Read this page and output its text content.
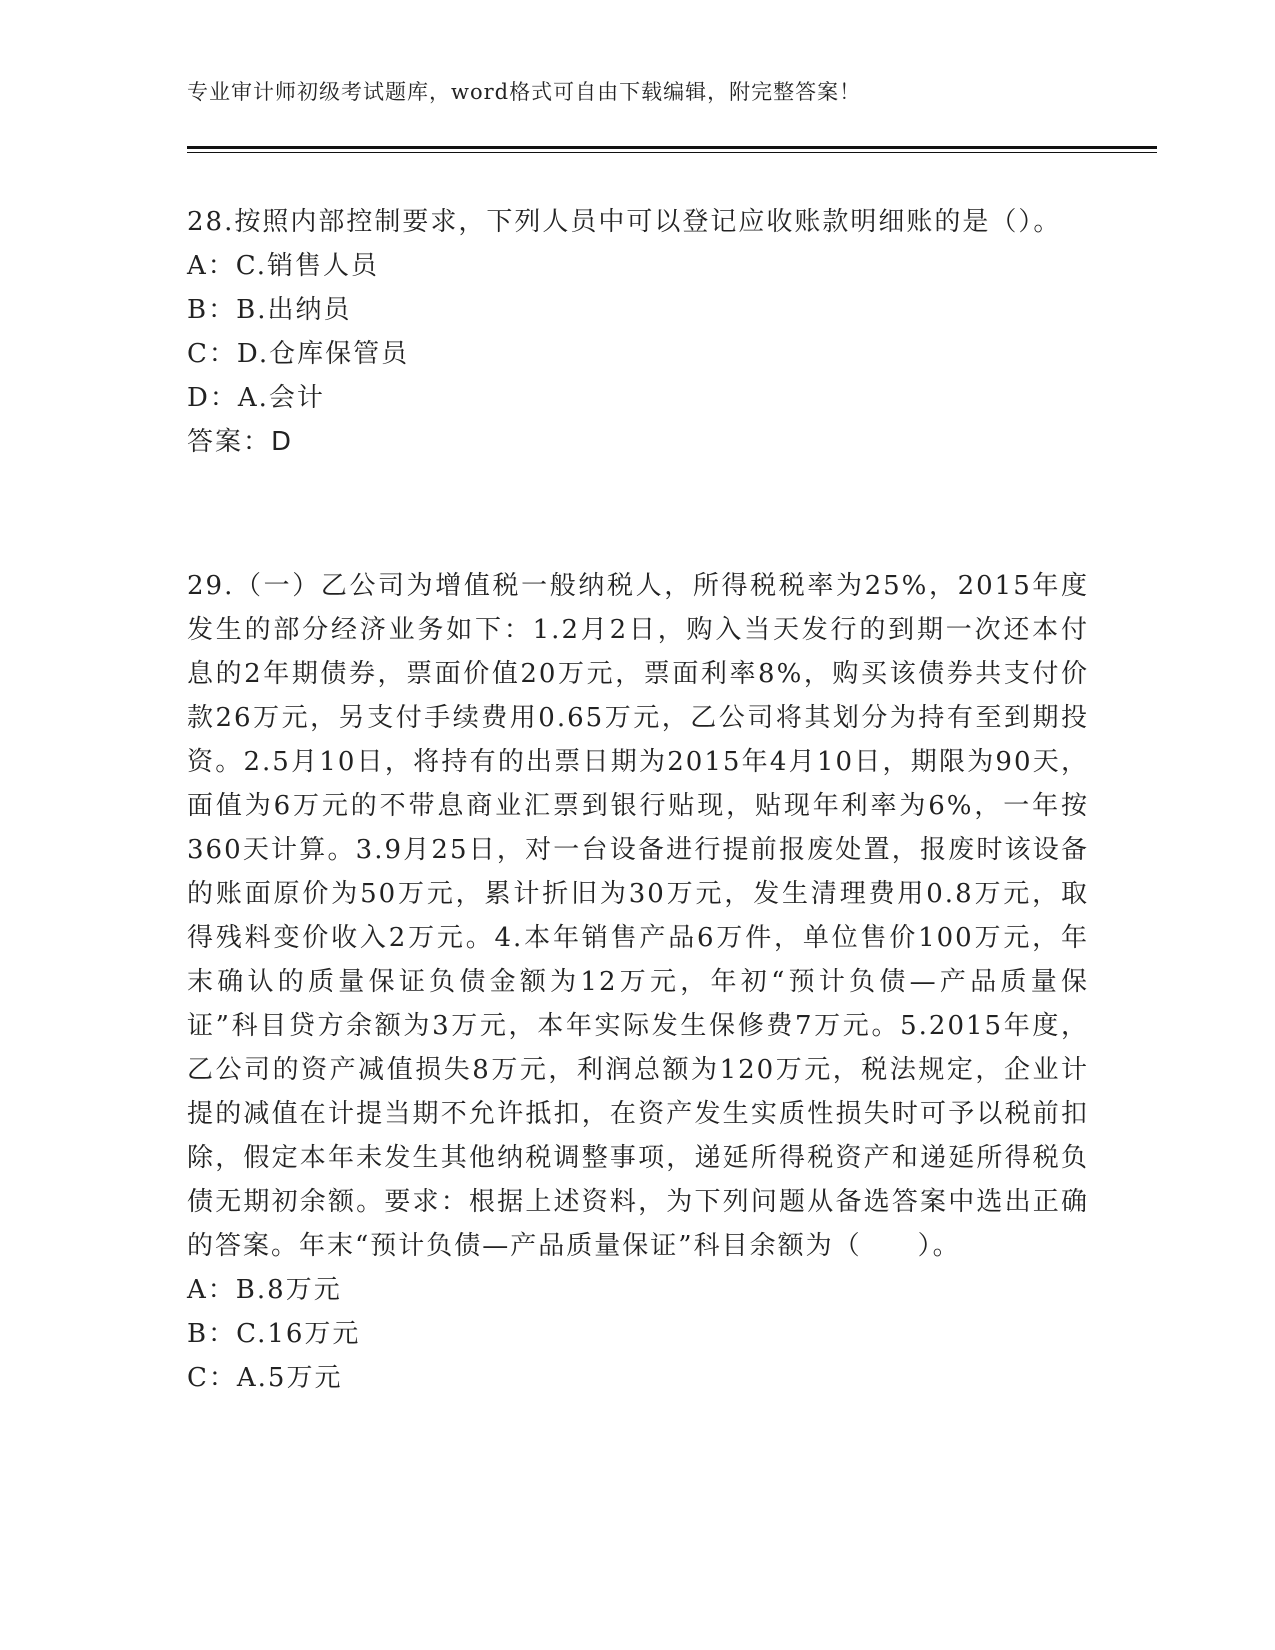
专业审计师初级考试题库，word格式可自由下载编辑，附完整答案！

28.按照内部控制要求，下列人员中可以登记应收账款明细账的是（）。

A：C.销售人员

B：B.出纳员

C：D.仓库保管员

D：A.会计

答案：D

29.（一）乙公司为增值税一般纳税人，所得税税率为25%，2015年度发生的部分经济业务如下：1.2月2日，购入当天发行的到期一次还本付息的2年期债券，票面价值20万元，票面利率8%，购买该债券共支付价款26万元，另支付手续费用0.65万元，乙公司将其划分为持有至到期投资。2.5月10日，将持有的出票日期为2015年4月10日，期限为90天，面值为6万元的不带息商业汇票到银行贴现，贴现年利率为6%，一年按360天计算。3.9月25日，对一台设备进行提前报废处置，报废时该设备的账面原价为50万元，累计折旧为30万元，发生清理费用0.8万元，取得残料变价收入2万元。4.本年销售产品6万件，单位售价100万元，年末确认的质量保证负债金额为12万元，年初“预计负债—产品质量保证”科目贷方余额为3万元，本年实际发生保修费7万元。5.2015年度，乙公司的资产减值损失8万元，利润总额为120万元，税法规定，企业计提的减值在计提当期不允许抵扣，在资产发生实质性损失时可予以税前扣除，假定本年未发生其他纳税调整事项，递延所得税资产和递延所得税负债无期初余额。要求：根据上述资料，为下列问题从备选答案中选出正确的答案。年末“预计负债—产品质量保证”科目余额为（　　）。

A：B.8万元

B：C.16万元

C：A.5万元
